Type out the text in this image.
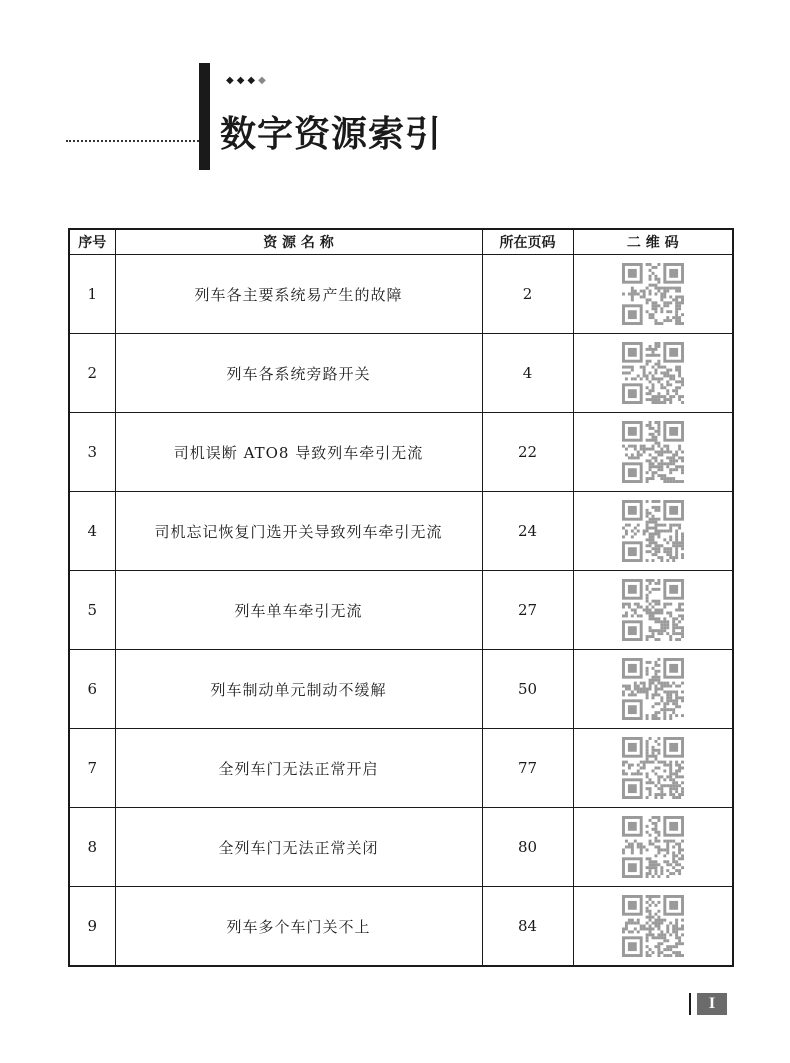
◆ ◆ ◆ ◆
数字资源索引
序号	资 源 名 称	所在页码	二 维 码
1	列车各主要系统易产生的故障	2	
2	列车各系统旁路开关	4	
3	司机误断 ATO8 导致列车牵引无流	22	
4	司机忘记恢复门选开关导致列车牵引无流	24	
5	列车单车牵引无流	27	
6	列车制动单元制动不缓解	50	
7	全列车门无法正常开启	77	
8	全列车门无法正常关闭	80	
9	列车多个车门关不上	84	
I
